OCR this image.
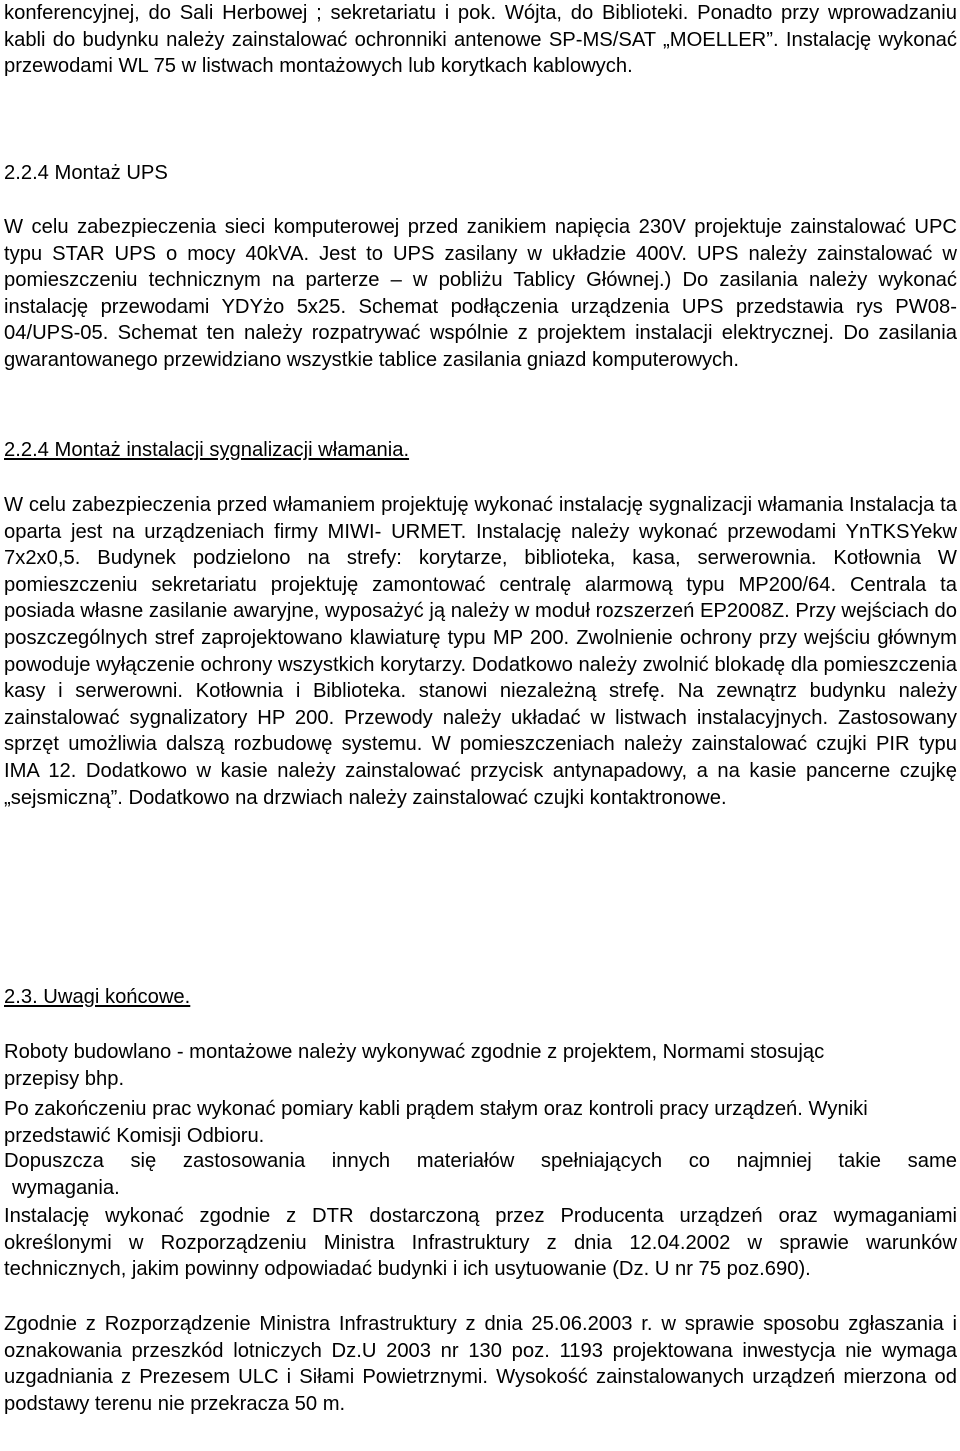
konferencyjnej, do Sali Herbowej ; sekretariatu i pok. Wójta, do Biblioteki. Ponadto przy wprowadzaniu kabli do budynku należy zainstalować ochronniki antenowe SP-MS/SAT „MOELLER”. Instalację wykonać przewodami WL 75 w listwach montażowych lub korytkach kablowych.

2.2.4 Montaż UPS

W celu zabezpieczenia sieci komputerowej przed zanikiem napięcia 230V projektuje zainstalować UPC typu STAR UPS o mocy 40kVA. Jest to UPS zasilany w układzie 400V. UPS należy zainstalować w pomieszczeniu technicznym na parterze – w pobliżu Tablicy Głównej.) Do zasilania należy wykonać instalację przewodami YDYżo 5x25. Schemat podłączenia urządzenia UPS przedstawia rys PW08-04/UPS-05. Schemat ten należy rozpatrywać wspólnie z projektem instalacji elektrycznej. Do zasilania gwarantowanego przewidziano wszystkie tablice zasilania gniazd komputerowych.

2.2.4 Montaż instalacji sygnalizacji włamania.

W celu zabezpieczenia przed włamaniem projektuję wykonać instalację sygnalizacji włamania Instalacja ta oparta jest na urządzeniach firmy MIWI- URMET. Instalację należy wykonać przewodami YnTKSYekw 7x2x0,5. Budynek podzielono na strefy: korytarze, biblioteka, kasa, serwerownia. Kotłownia W pomieszczeniu sekretariatu projektuję zamontować centralę alarmową typu MP200/64. Centrala ta posiada własne zasilanie awaryjne, wyposażyć ją należy w moduł rozszerzeń EP2008Z. Przy wejściach do poszczególnych stref zaprojektowano klawiaturę typu MP 200. Zwolnienie ochrony przy wejściu głównym powoduje wyłączenie ochrony wszystkich korytarzy. Dodatkowo należy zwolnić blokadę dla pomieszczenia kasy i serwerowni. Kotłownia i Biblioteka. stanowi niezależną strefę. Na zewnątrz budynku należy zainstalować sygnalizatory HP 200. Przewody należy układać w listwach instalacyjnych. Zastosowany sprzęt umożliwia dalszą rozbudowę systemu. W pomieszczeniach należy zainstalować czujki PIR typu IMA 12. Dodatkowo w kasie należy zainstalować przycisk antynapadowy, a na kasie pancerne czujkę „sejsmiczną”. Dodatkowo na drzwiach należy zainstalować czujki kontaktronowe.

2.3. Uwagi końcowe.

Roboty budowlano - montażowe należy wykonywać zgodnie z projektem, Normami stosując przepisy bhp.

Po zakończeniu prac wykonać pomiary kabli prądem stałym oraz kontroli pracy urządzeń. Wyniki przedstawić Komisji Odbioru.

Dopuszcza się zastosowania innych materiałów spełniających co najmniej takie same

wymagania.

Instalację wykonać zgodnie z DTR dostarczoną przez Producenta urządzeń oraz wymaganiami określonymi w Rozporządzeniu Ministra Infrastruktury z dnia 12.04.2002 w sprawie warunków technicznych, jakim powinny odpowiadać budynki i ich usytuowanie (Dz. U nr 75 poz.690).

Zgodnie z Rozporządzenie Ministra Infrastruktury z dnia 25.06.2003 r. w sprawie sposobu zgłaszania i oznakowania przeszkód lotniczych Dz.U 2003 nr 130 poz. 1193 projektowana inwestycja nie wymaga uzgadniania z Prezesem ULC i Siłami Powietrznymi. Wysokość zainstalowanych urządzeń mierzona od podstawy terenu nie przekracza 50 m.
